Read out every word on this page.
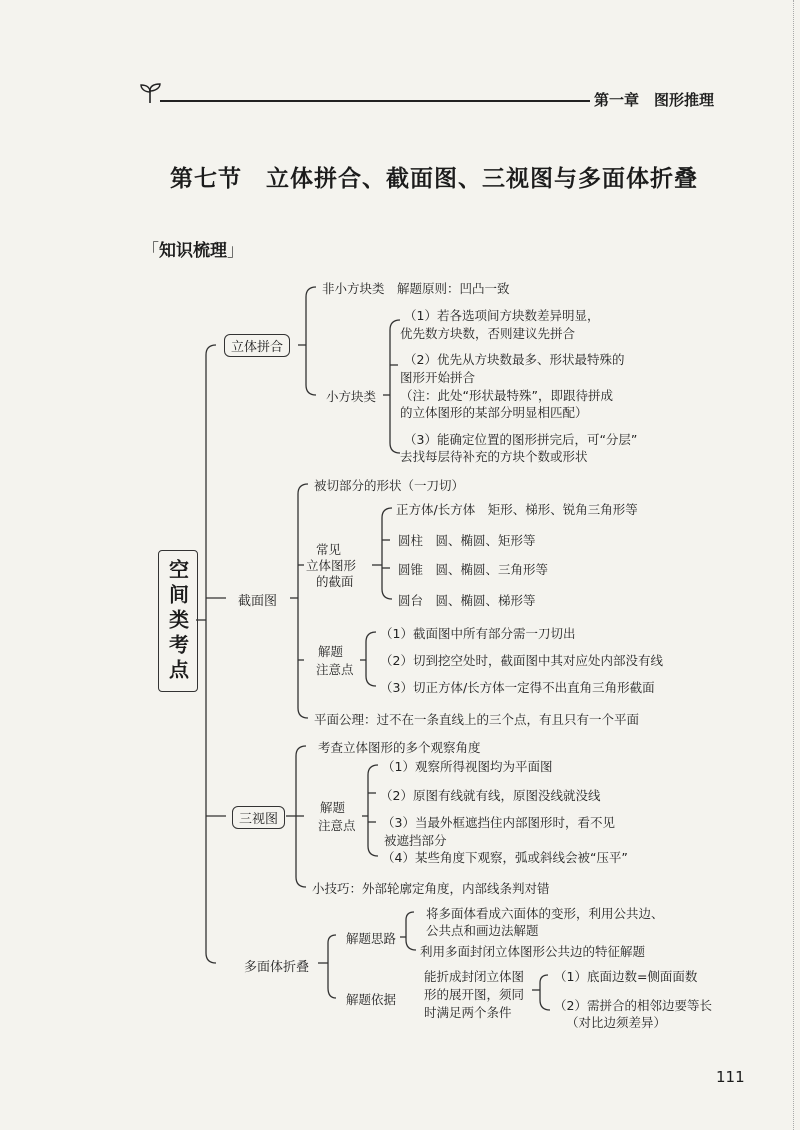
第一章　图形推理
第七节　立体拼合、截面图、三视图与多面体折叠
「知识梳理」
空间类考点
立体拼合
非小方块类　解题原则：凹凸一致
小方块类
（1）若各选项间方块数差异明显，
优先数方块数，否则建议先拼合
（2）优先从方块数最多、形状最特殊的
图形开始拼合
（注：此处“形状最特殊”，即跟待拼成
的立体图形的某部分明显相匹配）
（3）能确定位置的图形拼完后，可“分层”
去找每层待补充的方块个数或形状
截面图
被切部分的形状（一刀切）
常见
立体图形
的截面
正方体/长方体　矩形、梯形、锐角三角形等
圆柱　圆、椭圆、矩形等
圆锥　圆、椭圆、三角形等
圆台　圆、椭圆、梯形等
解题
注意点
（1）截面图中所有部分需一刀切出
（2）切到挖空处时，截面图中其对应处内部没有线
（3）切正方体/长方体一定得不出直角三角形截面
平面公理：过不在一条直线上的三个点，有且只有一个平面
三视图
考查立体图形的多个观察角度
解题
注意点
（1）观察所得视图均为平面图
（2）原图有线就有线，原图没线就没线
（3）当最外框遮挡住内部图形时，看不见
被遮挡部分
（4）某些角度下观察，弧或斜线会被“压平”
小技巧：外部轮廓定角度，内部线条判对错
多面体折叠
解题思路
将多面体看成六面体的变形，利用公共边、
公共点和画边法解题
利用多面封闭立体图形公共边的特征解题
解题依据
能折成封闭立体图
形的展开图，须同
时满足两个条件
（1）底面边数=侧面面数
（2）需拼合的相邻边要等长
（对比边须差异）
111
